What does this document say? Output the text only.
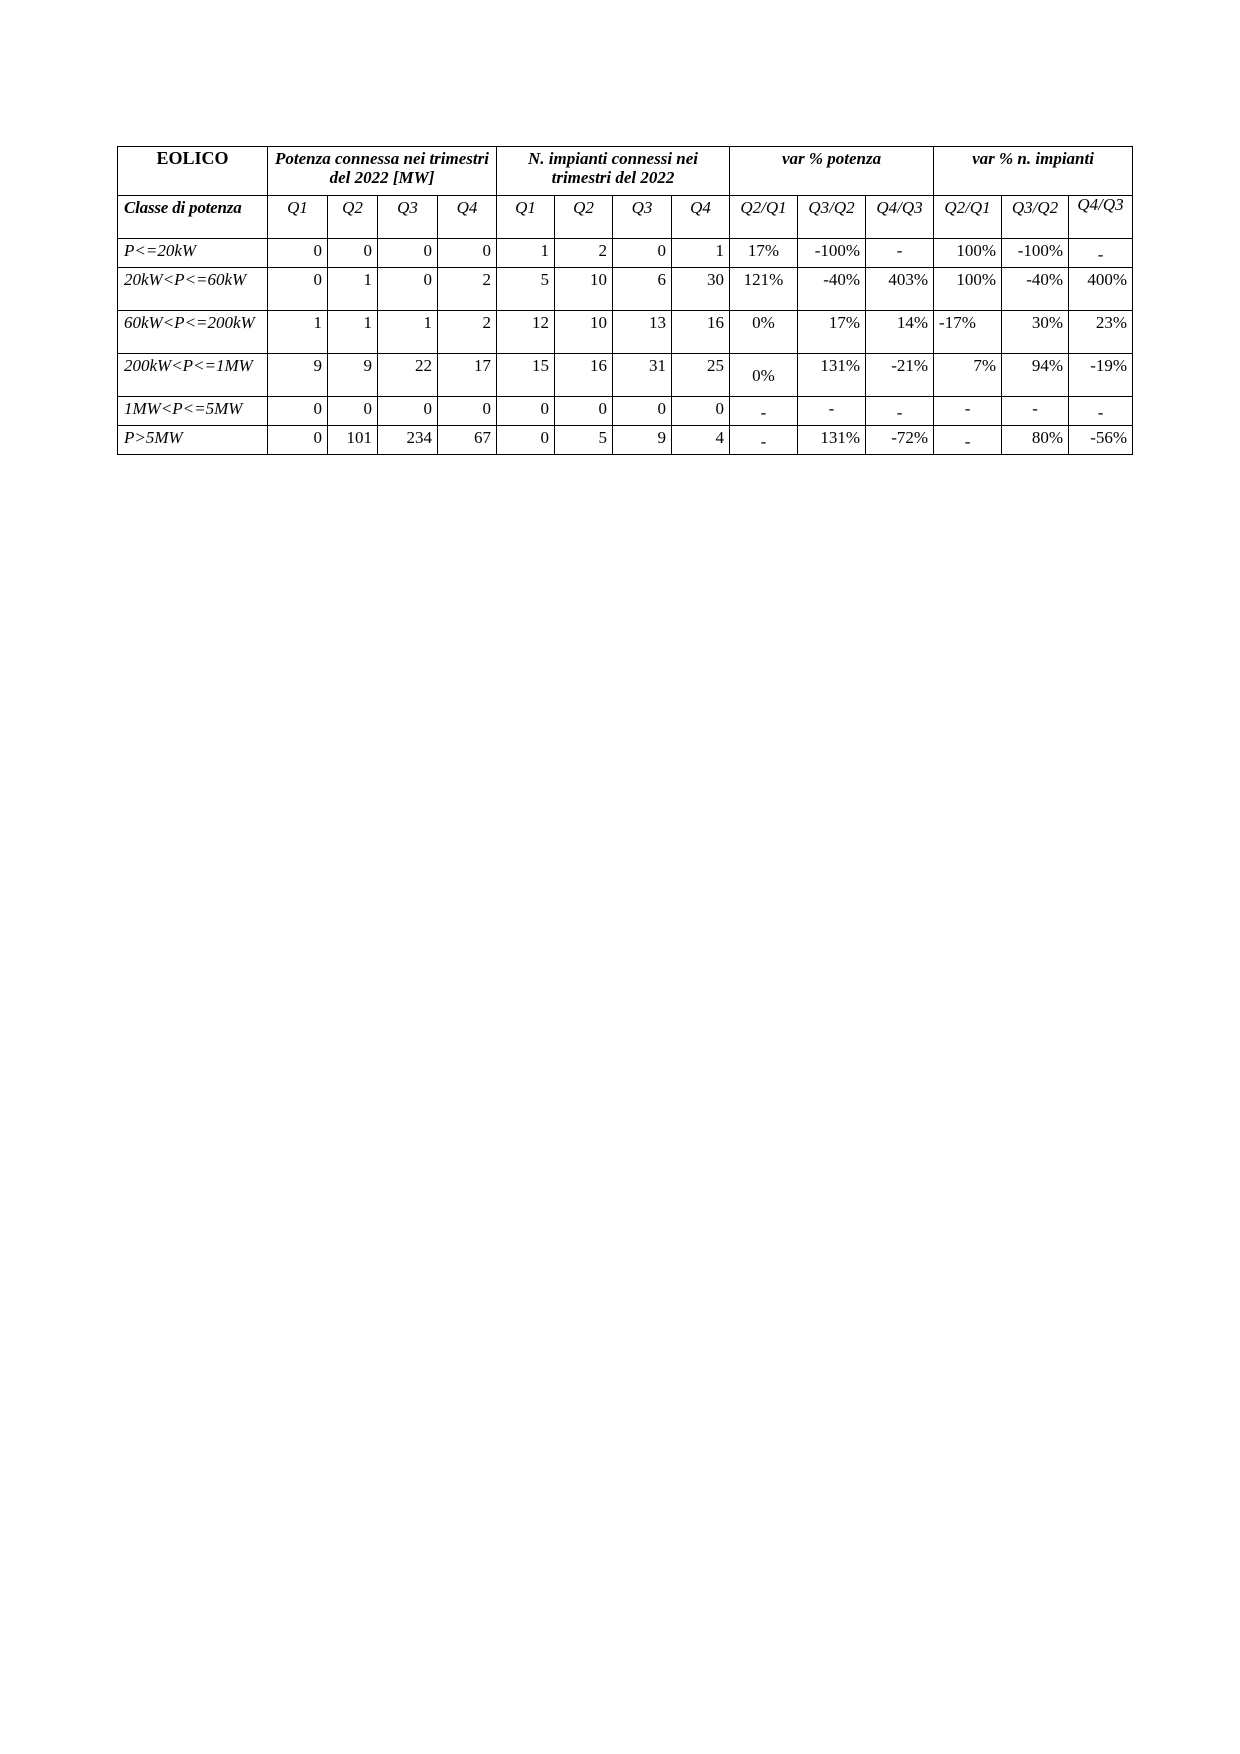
EOLICO	Potenza connessa nei trimestri del 2022 [MW]				N. impianti connessi nei trimestri del 2022				var % potenza			var % n. impianti		
Classe di potenza	Q1	Q2	Q3	Q4	Q1	Q2	Q3	Q4	Q2/Q1	Q3/Q2	Q4/Q3	Q2/Q1	Q3/Q2	Q4/Q3
P<=20kW	0	0	0	0	1	2	0	1	17%	-100%	-	100%	-100%	-
20kW<P<=60kW	0	1	0	2	5	10	6	30	121%	-40%	403%	100%	-40%	400%
60kW<P<=200kW	1	1	1	2	12	10	13	16	0%	17%	14%	-17%	30%	23%
200kW<P<=1MW	9	9	22	17	15	16	31	25	0%	131%	-21%	7%	94%	-19%
1MW<P<=5MW	0	0	0	0	0	0	0	0	-	-	-	-	-	-
P>5MW	0	101	234	67	0	5	9	4	-	131%	-72%	-	80%	-56%
